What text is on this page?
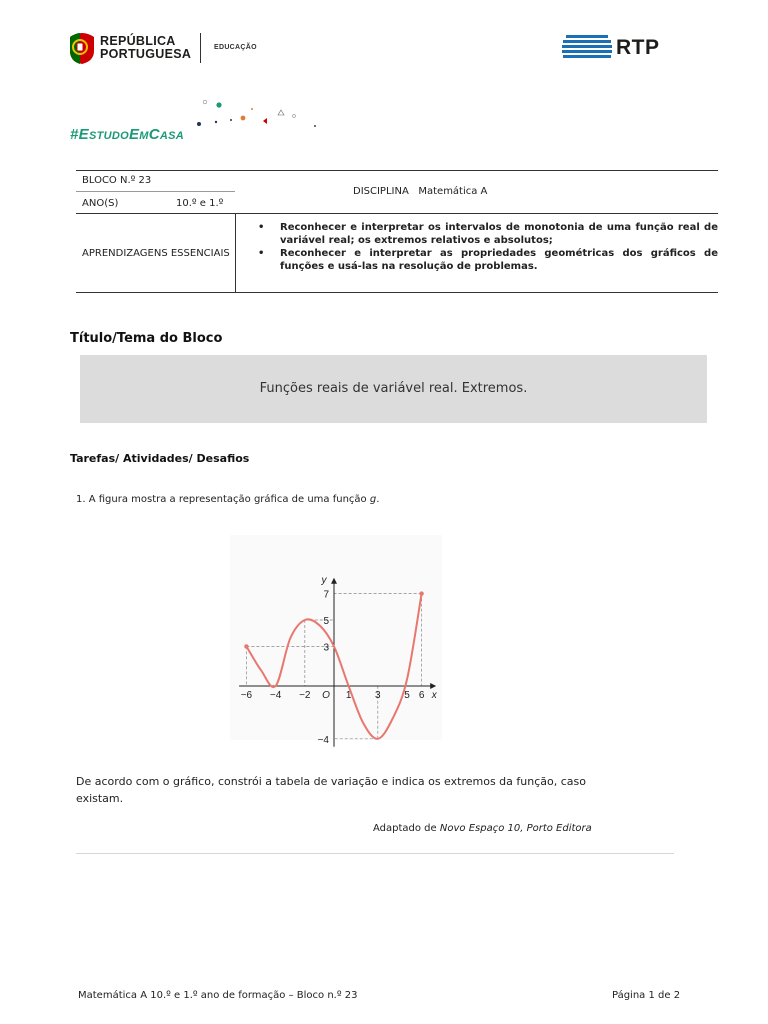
REPÚBLICA
PORTUGUESA	EDUCAÇÃO	RTP
#EstudoEmCasa
BLOCO N.º 23
ANO(S)	10.º e 1.º
DISCIPLINA Matemática A
APRENDIZAGENS ESSENCIAIS
• Reconhecer e interpretar os intervalos de monotonia de uma função real de variável real; os extremos relativos e absolutos;
• Reconhecer e interpretar as propriedades geométricas dos gráficos de funções e usá-las na resolução de problemas.
Título/Tema do Bloco
Funções reais de variável real. Extremos.
Tarefas/ Atividades/ Desafios
1. A figura mostra a representação gráfica de uma função g.
−6 −4 −2	1 3 5 6
7
5
3
−4
O	x
y
De acordo com o gráfico, constrói a tabela de variação e indica os extremos da função, caso existam.
Adaptado de Novo Espaço 10, Porto Editora
Matemática A 10.º e 1.º ano de formação – Bloco n.º 23	Página 1 de 2
